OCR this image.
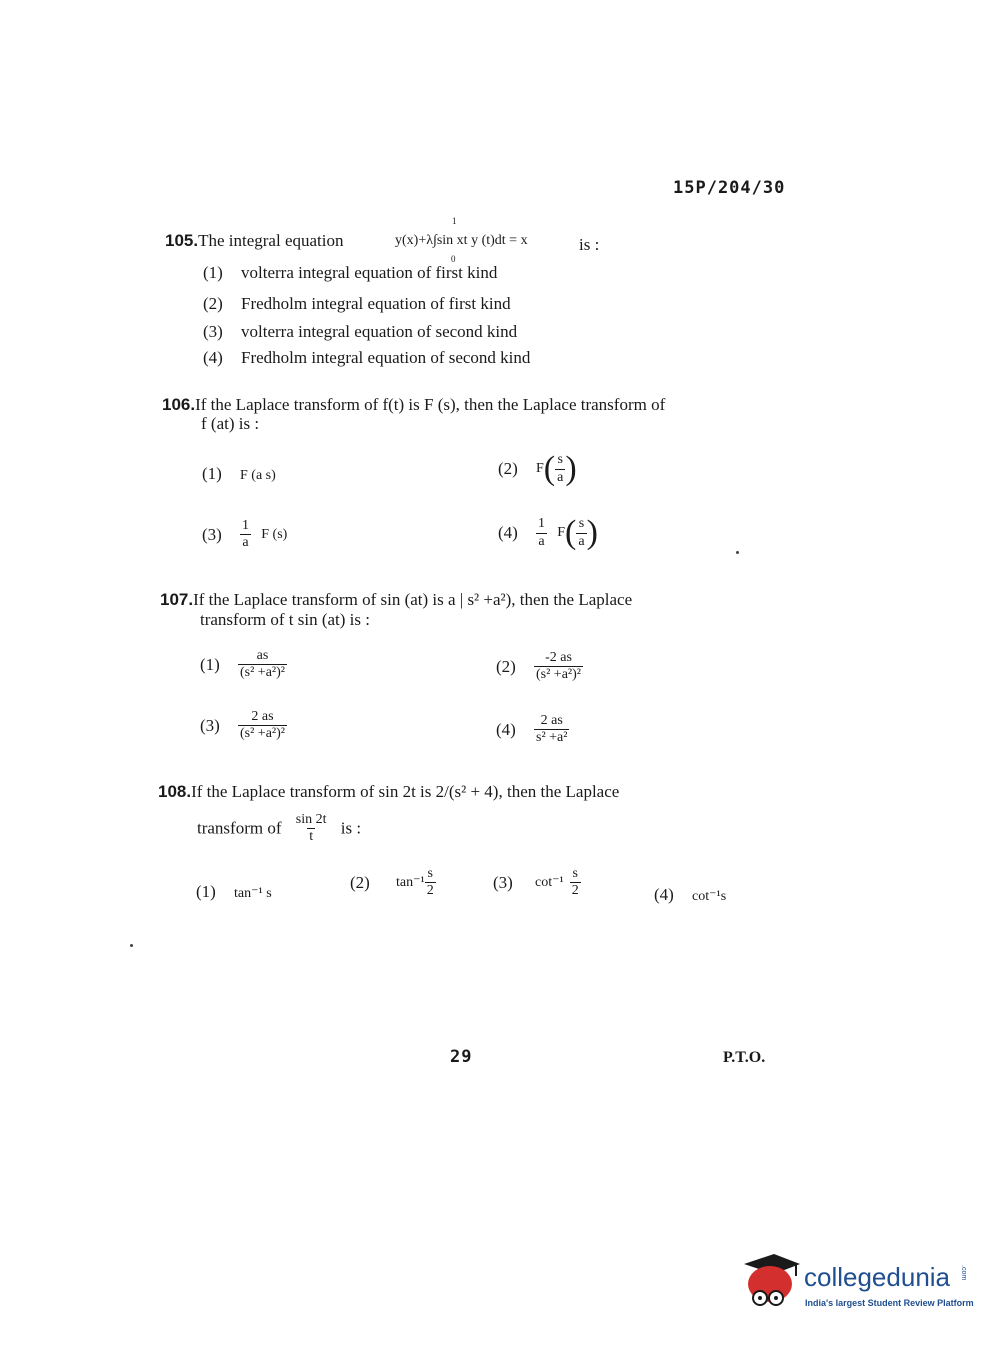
15P/204/30
105.The integral equation	y(x)+λ∫sin xt y (t)dt = x
1
0
is :
(1) volterra integral equation of first kind
(2) Fredholm integral equation of first kind
(3) volterra integral equation of second kind
(4) Fredholm integral equation of second kind
106.If the Laplace transform of f(t) is F (s), then the Laplace transform of
f (at) is :
(1) F (a s)	(2) $F( \frac{s}{a}$ )
$(3) \frac{1}{a}$ F (s)	$(4) \frac{1}{a} F( \frac{s}{a}$ )
107.If the Laplace transform of sin (at) is a | s² +a²), then the Laplace
transform of t sin (at) is :
$(1) \frac{as}{\text{(s² +a²)²}}$	$(2) \frac{-2 as}{\text{(s² +a²)²}}$
$(3) \frac{2 as}{\text{(s² +a²)²}}$	$(4) \frac{2 as}{\text{s² +a²}}$
108.If the Laplace transform of sin 2t is 2/(s² + 4), then the Laplace
transform of $\frac{\sin 2t}{t}$ is :
(1) tan⁻¹ s
(2) $\tan^{-1} \frac{s}{2}$	(3) $\cot^{-1} \frac{s}{2}$	(4) cot⁻¹s
29	P.T.O.
collegedunia .com
India's largest Student Review Platform
